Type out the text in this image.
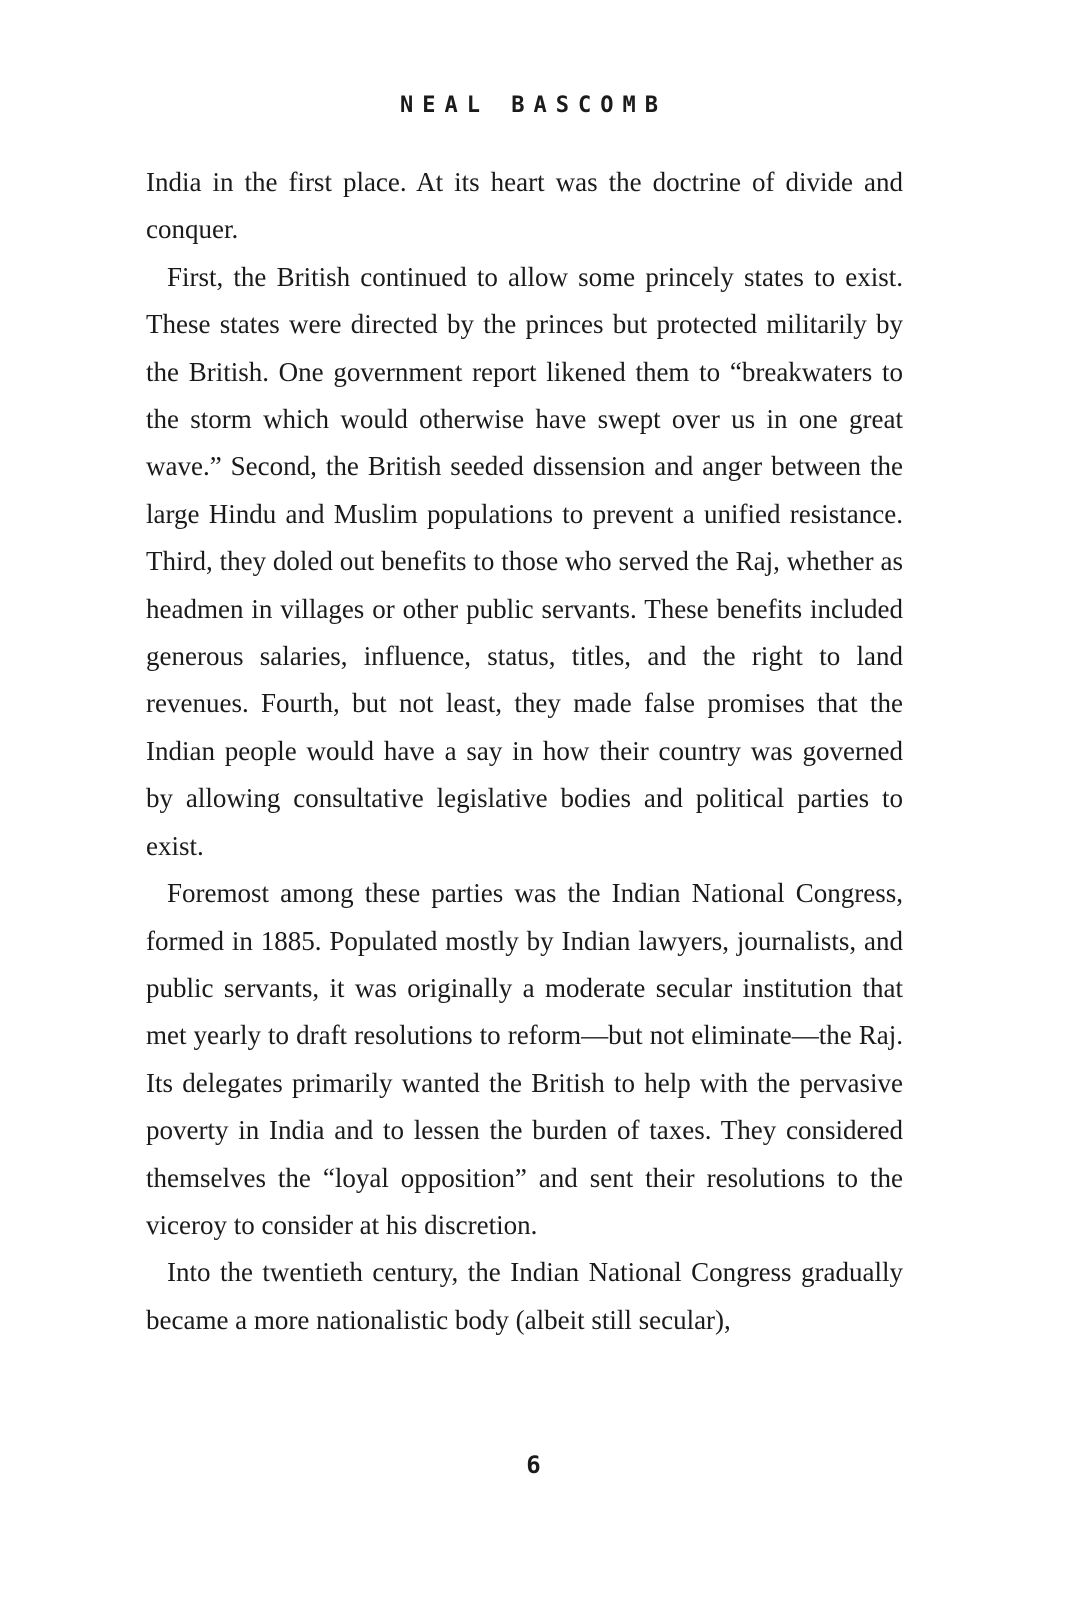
NEAL BASCOMB

India in the first place. At its heart was the doctrine of divide and conquer.

First, the British continued to allow some princely states to exist. These states were directed by the princes but protected militarily by the British. One government report likened them to “breakwaters to the storm which would otherwise have swept over us in one great wave.” Second, the British seeded dissension and anger between the large Hindu and Muslim populations to prevent a unified resistance. Third, they doled out benefits to those who served the Raj, whether as headmen in villages or other public servants. These benefits included generous salaries, influence, status, titles, and the right to land revenues. Fourth, but not least, they made false promises that the Indian people would have a say in how their country was governed by allowing consultative legislative bodies and political parties to exist.

Foremost among these parties was the Indian National Congress, formed in 1885. Populated mostly by Indian lawyers, journalists, and public servants, it was originally a moderate secular institution that met yearly to draft resolutions to reform—but not eliminate—the Raj. Its delegates primarily wanted the British to help with the pervasive poverty in India and to lessen the burden of taxes. They considered themselves the “loyal opposition” and sent their resolutions to the viceroy to consider at his discretion.

Into the twentieth century, the Indian National Congress gradually became a more nationalistic body (albeit still secular),

6
